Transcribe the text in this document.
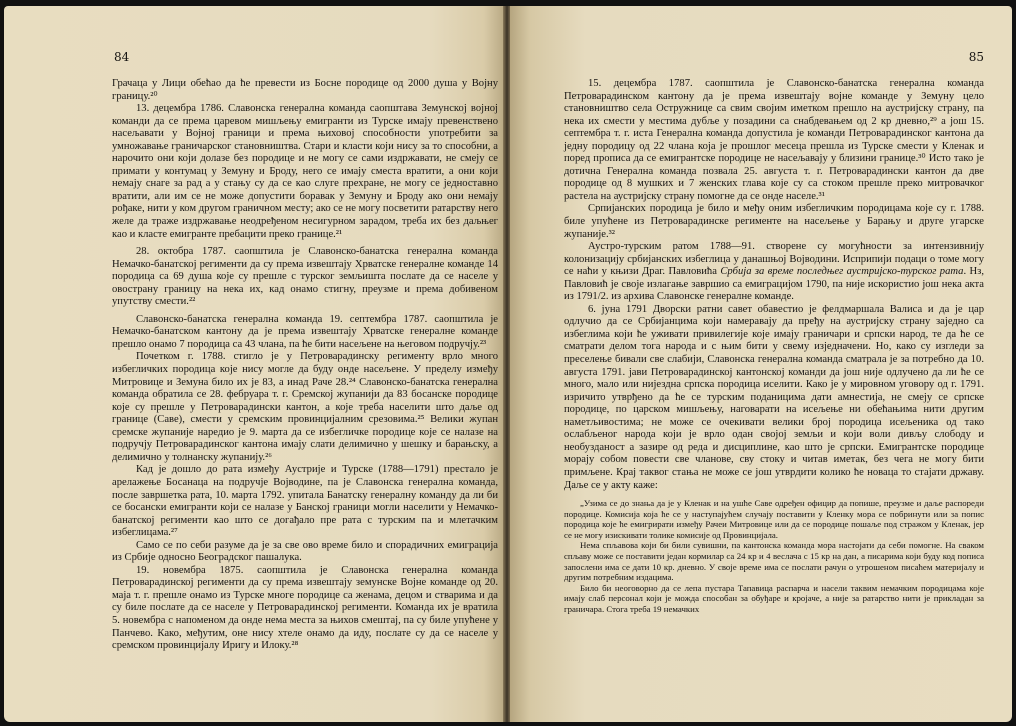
84

Грачаца у Лици обећао да ће превести из Босне породице од 2000 душа у Војну границу.²⁰

13. децембра 1786. Славонска генерална команда саопштава Земунској војној команди да се према царевом мишљењу емигранти из Турске имају превенствено насељавати у Војној граници и према њиховој способности употребити за умножавање граничарског становништва. Стари и клaсти који нису за то способни, а нарочито они који долазе без породице и не могу се сами издржавати, не смеју се примати у контумац у Земуну и Броду, него се имају сместа вратити, а они који немају снаге за рад а у стању су да се као слуге прехране, не могу се једноставно вратити, али им се не може допустити боравак у Земуну и Броду ако они немају рођаке, нити у ком другом граничном месту; ако се не могу посветити ратарству него желе да траже издржавање неодређеном несигурном зарадом, треба их без даљњег као и клaсте емигранте пребацити преко границе.²¹

28. октобра 1787. саопштила је Славонско-банатска генерална команда Немачко-банатској регименти да су према извештају Хрватске генералне команде 14 породица са 69 душа које су прешле с турског земљишта послате да се населе у овострану границу на нека их, кад онамо стигну, преузме и према добивеном упутству смести.²²

Славонско-банатска генерална команда 19. септембра 1787. саопштила је Немачко-банатском кантону да је према извештају Хрватске генералне команде прешло онамо 7 породица са 43 члана, па ће бити насељене на његовом подручју.²³

Почетком г. 1788. стигло је у Петроварадинску регименту врло много избегличких породица које нису могле да буду онде насељене. У пределу између Митровице и Земуна било их је 83, а инад Раче 28.²⁴ Славонско-банатска генерална команда обратила се 28. фебруара т. г. Сремској жупанији да 83 босанске породице које су прешле у Петроварадински кантон, а које треба населити што даље од границе (Саве), смести у сремским провинцијалним срезовима.²⁵ Велики жупан сремске жупаније наредио је 9. марта да се избегличке породице које се налазе на подручју Петроварадинског кантона имају слати делимично у шешку и барањску, а делимично у толнанску жупанију.²⁶

Кад је дошло до рата између Аустрије и Турске (1788—1791) престало је арелажење Босанаца на подручје Војводине, па је Славонска генерална команда, после завршетка рата, 10. марта 1792. упитала Банатску генералну команду да ли би се босански емигранти који се налазе у Банској граници могли населити у Немачко-банатској регименти као што се догађало пре рата с турским па и млетачким избеглицама.²⁷

Само се по себи разуме да је за све ово време било и спорадичних емиграција из Србије односно Београдског пашалука.

19. новембра 1875. саопштила је Славонска генерална команда Петроварадинској регименти да су према извештају земунске Војне команде од 20. маја т. г. прешле онамо из Турске многе породице са женама, децом и стварима и да су биле послате да се населе у Петроварадинској регименти. Команда их је вратила 5. новембра с напоменом да онде нема места за њихов смештај, па су биле упућене у Панчево. Како, међутим, оне нису хтеле онамо да иду, послате су да се населе у сремском провинцијалу Иригу и Илоку.²⁸

85

15. децембра 1787. саопштила је Славонско-банатска генерална команда Петроварадинском кантону да је према извештају војне команде у Земуну цело становништво села Остружнице са свим својим иметком прешло на аустријску страну, па нека их смести у местима дубље у позадини са снабдевањем од 2 кр дневно,²⁹ а још 15. септембра т. г. иста Генерална команда допустила је команди Петроварадинског кантона да једну породицу од 22 члана која је прошлог месеца прешла из Турске смести у Кленак и поред прописа да се емигрантске породице не насељавају у близини границе.³⁰ Исто тако је дотична Генерална команда позвала 25. августа т. г. Петроварадински кантон да две породице од 8 мушких и 7 женских глава које су са стоком прешле преко митровачког растела на аустријску страну помогне да се онде населе.³¹

Српијанских породица је било и међу оним избегличким породицама које су г. 1788. биле упућене из Петроварадинске регименте на насељење у Барању и друге угарске жупаније.³²

Аустро-турским ратом 1788—91. створене су могућности за интензивнију колонизацију србијанских избеглица у данашњој Војводини. Исприпији подаци о томе могу се наћи у књизи Драг. Павловића Србија за време последњег аустријско-турског рата. Нз, Павловић је своје излагање завршио са емиграцијом 1790, па није искористио још нека акта из 1791/2. из архива Славонске генералне команде.

6. јуна 1791 Дворски ратни савет обавестио је фелдмаршала Валиса и да је цар одлучио да се Србијанцима који намеравају да пређу на аустријску страну заједно са избеглима који ће уживати привилегије које имају граничари и српски народ, те да ће се сматрати делом тога народа и с њим бити у свему изједначени. Но, како су изгледи за преселење бивали све слабији, Славонска генерална команда сматрала је за потребно да 10. августа 1791. јави Петроварадинској кантонској команди да још није одлучено да ли ће се много, мало или нијездна српска породица иселити. Како је у мировном уговору од г. 1791. изричито утврђено да ће се турским поданицима дати амнестија, не смеју се српске породице, по царском мишљењу, наговарати на исељење ни обећањима нити другим наметљивостима; не може се очекивати велики број породица исељеника од тако ослабљеног народа који је врло одан својој земљи и који воли дивљу слободу и необузданост а зазире од реда и дисциплине, као што је српски. Емигрантске породице морају собом повести све чланове, сву стоку и читав иметак, без чега не могу бити примљене. Крај таквог стања не може се још утврдити колико ће новаца то стајати државу. Даље се у акту каже:

„Узима се до знања да је у Кленак и на ушће Саве одређен официр да попише, преузме и даље распореди породице. Комисија која ће се у наступајућем случају поставити у Кленку мора се побринути или за попис породица које ће емигрирати између Рачеи Митровице или да се породице пошаље под стражом у Кленак, јер се не могу изискивати толике комисије од Провинцијала.

Нема спљавова који би били сувишни, па кантонска команда мора настојати да себи помогне. На сваком спљаву може се поставити један кормилар са 24 кр и 4 веслача с 15 кр на дан, а писарима који буду код пописа запослени има се дати 10 кр. дневно. У своје време има се послати рачун о утрошеном писаћем материјалу и другим потребним издацима.

Било би неоговорно да се лепа пустара Тапавица распарча и насели таквим немачким породицама које имају слаб персонал који је можда способан за обуђаре и кројаче, а није за ратарство нити је прикладан за граничара. Стога треба 19 немачких
